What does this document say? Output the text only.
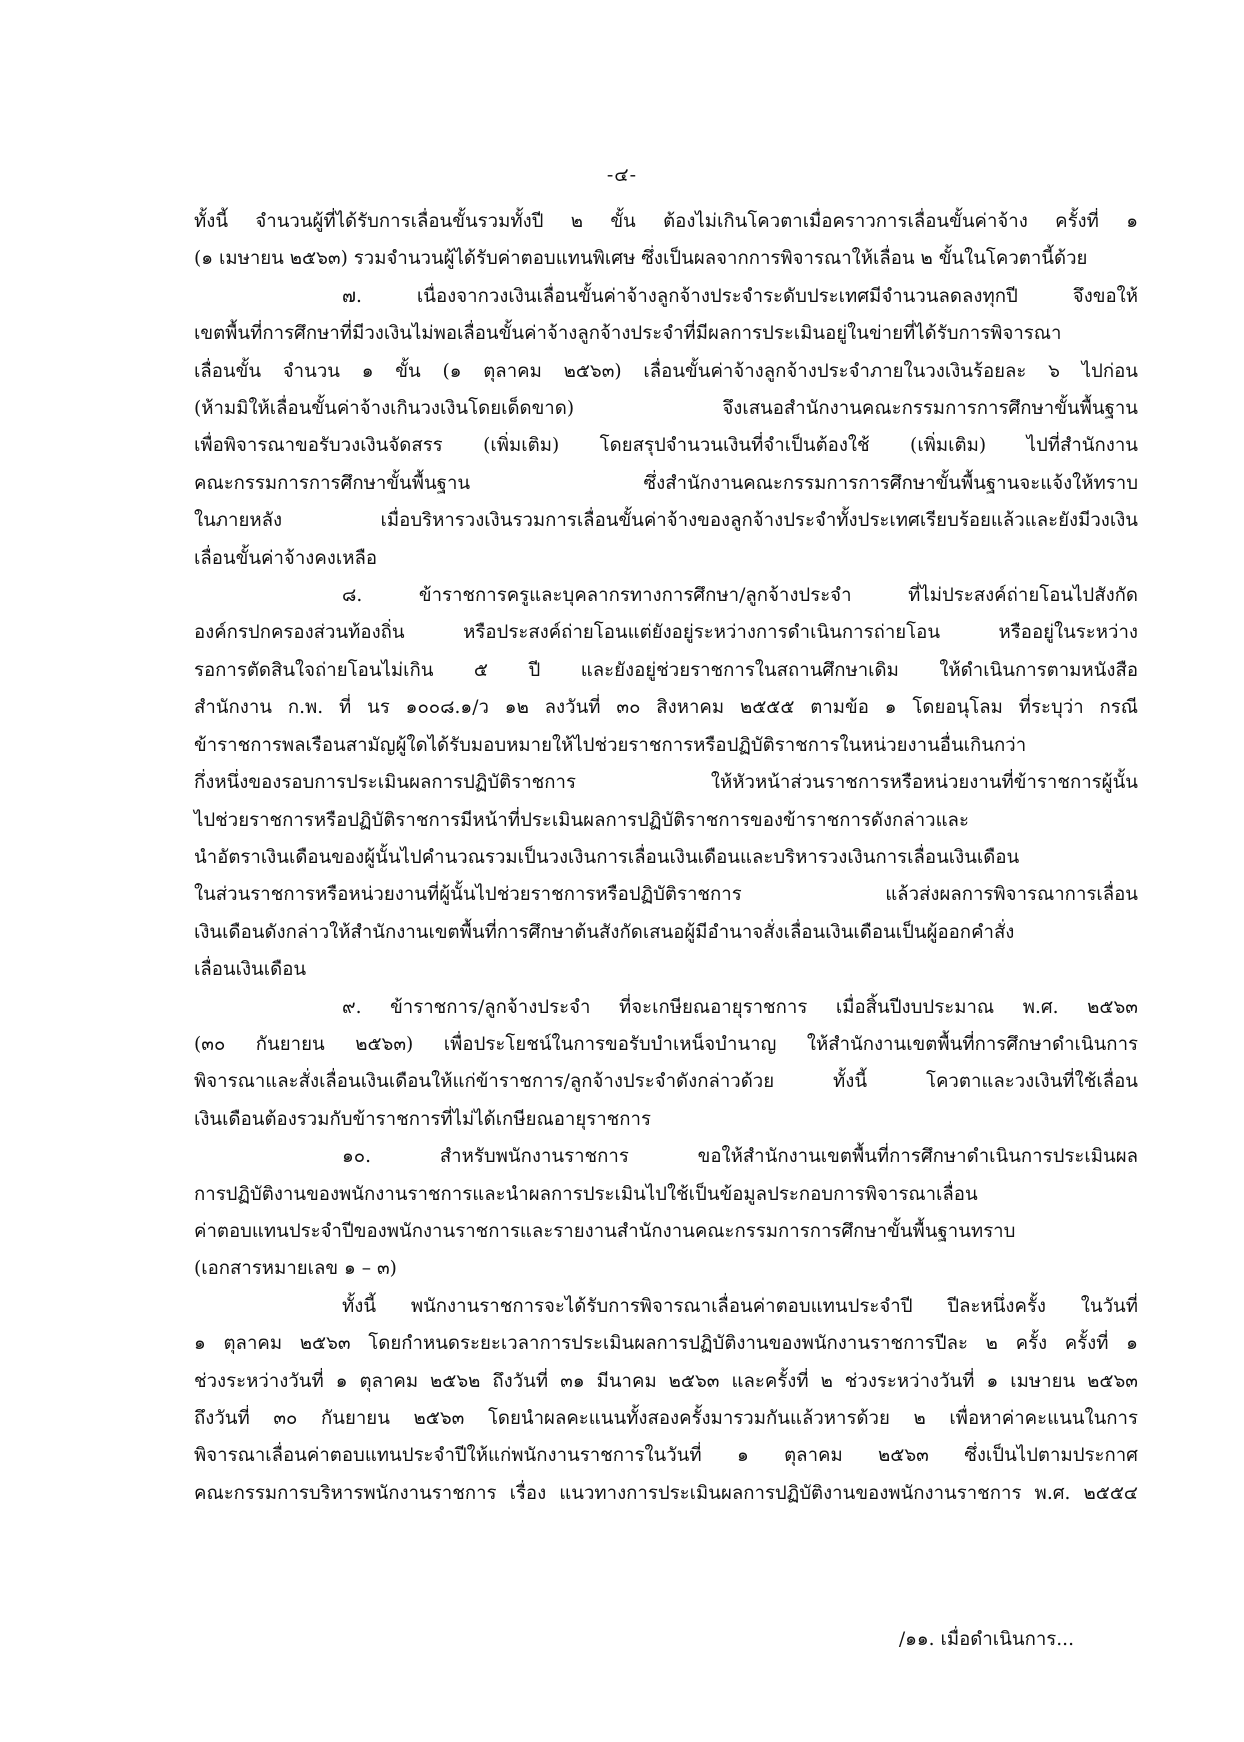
-๔-
ทั้งนี้ จำนวนผู้ที่ได้รับการเลื่อนขั้นรวมทั้งปี ๒ ขั้น ต้องไม่เกินโควตาเมื่อคราวการเลื่อนขั้นค่าจ้าง ครั้งที่ ๑
(๑ เมษายน ๒๕๖๓) รวมจำนวนผู้ได้รับค่าตอบแทนพิเศษ ซึ่งเป็นผลจากการพิจารณาให้เลื่อน ๒ ขั้นในโควตานี้ด้วย
๗. เนื่องจากวงเงินเลื่อนขั้นค่าจ้างลูกจ้างประจำระดับประเทศมีจำนวนลดลงทุกปี จึงขอให้
เขตพื้นที่การศึกษาที่มีวงเงินไม่พอเลื่อนขั้นค่าจ้างลูกจ้างประจำที่มีผลการประเมินอยู่ในข่ายที่ได้รับการพิจารณา
เลื่อนขั้น จำนวน ๑ ขั้น (๑ ตุลาคม ๒๕๖๓) เลื่อนขั้นค่าจ้างลูกจ้างประจำภายในวงเงินร้อยละ ๖ ไปก่อน
(ห้ามมิให้เลื่อนขั้นค่าจ้างเกินวงเงินโดยเด็ดขาด) จึงเสนอสำนักงานคณะกรรมการการศึกษาขั้นพื้นฐาน
เพื่อพิจารณาขอรับวงเงินจัดสรร (เพิ่มเติม) โดยสรุปจำนวนเงินที่จำเป็นต้องใช้ (เพิ่มเติม) ไปที่สำนักงาน
คณะกรรมการการศึกษาขั้นพื้นฐาน ซึ่งสำนักงานคณะกรรมการการศึกษาขั้นพื้นฐานจะแจ้งให้ทราบ
ในภายหลัง เมื่อบริหารวงเงินรวมการเลื่อนขั้นค่าจ้างของลูกจ้างประจำทั้งประเทศเรียบร้อยแล้วและยังมีวงเงิน
เลื่อนขั้นค่าจ้างคงเหลือ
๘. ข้าราชการครูและบุคลากรทางการศึกษา/ลูกจ้างประจำ ที่ไม่ประสงค์ถ่ายโอนไปสังกัด
องค์กรปกครองส่วนท้องถิ่น หรือประสงค์ถ่ายโอนแต่ยังอยู่ระหว่างการดำเนินการถ่ายโอน หรืออยู่ในระหว่าง
รอการตัดสินใจถ่ายโอนไม่เกิน ๕ ปี และยังอยู่ช่วยราชการในสถานศึกษาเดิม ให้ดำเนินการตามหนังสือ
สำนักงาน ก.พ. ที่ นร ๑๐๐๘.๑/ว ๑๒ ลงวันที่ ๓๐ สิงหาคม ๒๕๕๕ ตามข้อ ๑ โดยอนุโลม ที่ระบุว่า กรณี
ข้าราชการพลเรือนสามัญผู้ใดได้รับมอบหมายให้ไปช่วยราชการหรือปฏิบัติราชการในหน่วยงานอื่นเกินกว่า
กึ่งหนึ่งของรอบการประเมินผลการปฏิบัติราชการ ให้หัวหน้าส่วนราชการหรือหน่วยงานที่ข้าราชการผู้นั้น
ไปช่วยราชการหรือปฏิบัติราชการมีหน้าที่ประเมินผลการปฏิบัติราชการของข้าราชการดังกล่าวและ
นำอัตราเงินเดือนของผู้นั้นไปคำนวณรวมเป็นวงเงินการเลื่อนเงินเดือนและบริหารวงเงินการเลื่อนเงินเดือน
ในส่วนราชการหรือหน่วยงานที่ผู้นั้นไปช่วยราชการหรือปฏิบัติราชการ แล้วส่งผลการพิจารณาการเลื่อน
เงินเดือนดังกล่าวให้สำนักงานเขตพื้นที่การศึกษาต้นสังกัดเสนอผู้มีอำนาจสั่งเลื่อนเงินเดือนเป็นผู้ออกคำสั่ง
เลื่อนเงินเดือน
๙. ข้าราชการ/ลูกจ้างประจำ ที่จะเกษียณอายุราชการ เมื่อสิ้นปีงบประมาณ พ.ศ. ๒๕๖๓
(๓๐ กันยายน ๒๕๖๓) เพื่อประโยชน์ในการขอรับบำเหน็จบำนาญ ให้สำนักงานเขตพื้นที่การศึกษาดำเนินการ
พิจารณาและสั่งเลื่อนเงินเดือนให้แก่ข้าราชการ/ลูกจ้างประจำดังกล่าวด้วย ทั้งนี้ โควตาและวงเงินที่ใช้เลื่อน
เงินเดือนต้องรวมกับข้าราชการที่ไม่ได้เกษียณอายุราชการ
๑๐. สำหรับพนักงานราชการ ขอให้สำนักงานเขตพื้นที่การศึกษาดำเนินการประเมินผล
การปฏิบัติงานของพนักงานราชการและนำผลการประเมินไปใช้เป็นข้อมูลประกอบการพิจารณาเลื่อน
ค่าตอบแทนประจำปีของพนักงานราชการและรายงานสำนักงานคณะกรรมการการศึกษาขั้นพื้นฐานทราบ
(เอกสารหมายเลข ๑ – ๓)
ทั้งนี้ พนักงานราชการจะได้รับการพิจารณาเลื่อนค่าตอบแทนประจำปี ปีละหนึ่งครั้ง ในวันที่
๑ ตุลาคม ๒๕๖๓ โดยกำหนดระยะเวลาการประเมินผลการปฏิบัติงานของพนักงานราชการปีละ ๒ ครั้ง ครั้งที่ ๑
ช่วงระหว่างวันที่ ๑ ตุลาคม ๒๕๖๒ ถึงวันที่ ๓๑ มีนาคม ๒๕๖๓ และครั้งที่ ๒ ช่วงระหว่างวันที่ ๑ เมษายน ๒๕๖๓
ถึงวันที่ ๓๐ กันยายน ๒๕๖๓ โดยนำผลคะแนนทั้งสองครั้งมารวมกันแล้วหารด้วย ๒ เพื่อหาค่าคะแนนในการ
พิจารณาเลื่อนค่าตอบแทนประจำปีให้แก่พนักงานราชการในวันที่ ๑ ตุลาคม ๒๕๖๓ ซึ่งเป็นไปตามประกาศ
คณะกรรมการบริหารพนักงานราชการ เรื่อง แนวทางการประเมินผลการปฏิบัติงานของพนักงานราชการ พ.ศ. ๒๕๕๔
/๑๑. เมื่อดำเนินการ...
